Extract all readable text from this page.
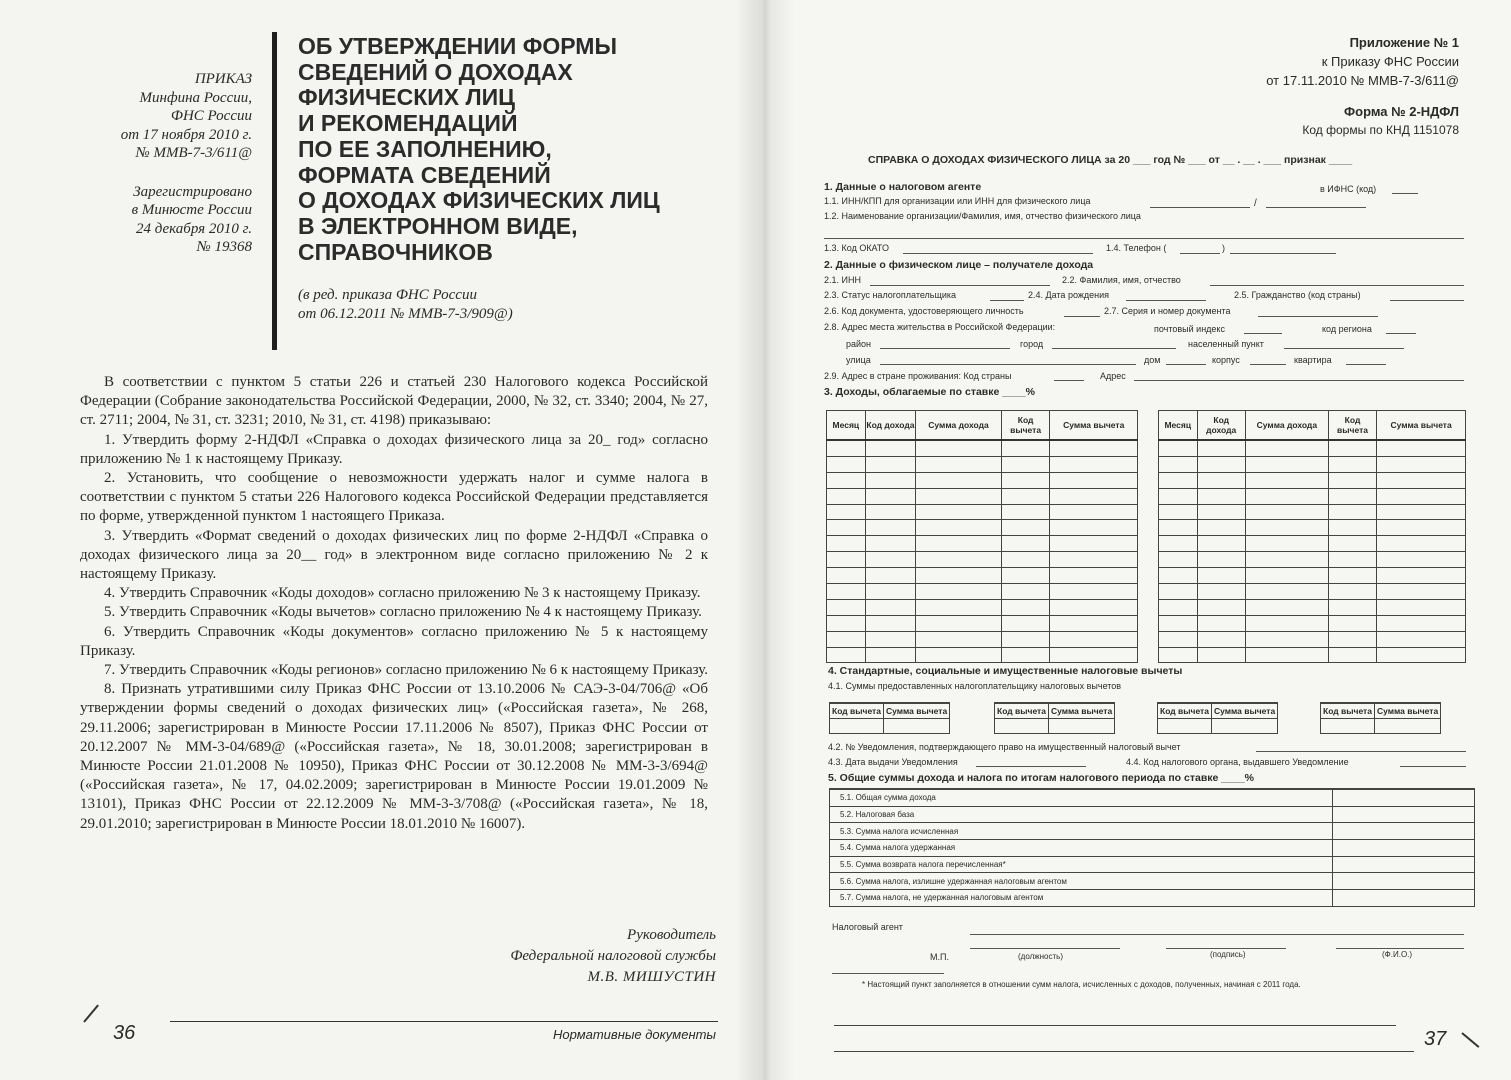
ПРИКАЗ
Минфина России,
ФНС России
от 17 ноября 2010 г.
№ ММВ-7-3/611@
Зарегистрировано
в Минюсте России
24 декабря 2010 г.
№ 19368
ОБ УТВЕРЖДЕНИИ ФОРМЫ
СВЕДЕНИЙ О ДОХОДАХ
ФИЗИЧЕСКИХ ЛИЦ
И РЕКОМЕНДАЦИЙ
ПО ЕЕ ЗАПОЛНЕНИЮ,
ФОРМАТА СВЕДЕНИЙ
О ДОХОДАХ ФИЗИЧЕСКИХ ЛИЦ
В ЭЛЕКТРОННОМ ВИДЕ,
СПРАВОЧНИКОВ
(в ред. приказа ФНС России
от 06.12.2011 № ММВ-7-3/909@)

В соответствии с пунктом 5 статьи 226 и статьей 230 Налогового кодекса Российской Федерации (Собрание законодательства Российской Федерации, 2000, № 32, ст. 3340; 2004, № 27, ст. 2711; 2004, № 31, ст. 3231; 2010, № 31, ст. 4198) приказываю:

1. Утвердить форму 2-НДФЛ «Справка о доходах физического лица за 20_ год» согласно приложению № 1 к настоящему Приказу.

2. Установить, что сообщение о невозможности удержать налог и сумме налога в соответствии с пунктом 5 статьи 226 Налогового кодекса Российской Федерации представляется по форме, утвержденной пунктом 1 настоящего Приказа.

3. Утвердить «Формат сведений о доходах физических лиц по форме 2-НДФЛ «Справка о доходах физического лица за 20__ год» в электронном виде согласно приложению № 2 к настоящему Приказу.

4. Утвердить Справочник «Коды доходов» согласно приложению № 3 к настоящему Приказу.

5. Утвердить Справочник «Коды вычетов» согласно приложению № 4 к настоящему Приказу.

6. Утвердить Справочник «Коды документов» согласно приложению № 5 к настоящему Приказу.

7. Утвердить Справочник «Коды регионов» согласно приложению № 6 к настоящему Приказу.

8. Признать утратившими силу Приказ ФНС России от 13.10.2006 № САЭ-3-04/706@ «Об утверждении формы сведений о доходах физических лиц» («Российская газета», № 268, 29.11.2006; зарегистрирован в Минюсте России 17.11.2006 № 8507), Приказ ФНС России от 20.12.2007 № ММ-3-04/689@ («Российская газета», № 18, 30.01.2008; зарегистрирован в Минюсте России 21.01.2008 № 10950), Приказ ФНС России от 30.12.2008 № ММ-3-3/694@ («Российская газета», № 17, 04.02.2009; зарегистрирован в Минюсте России 19.01.2009 № 13101), Приказ ФНС России от 22.12.2009 № ММ-3-3/708@ («Российская газета», № 18, 29.01.2010; зарегистрирован в Минюсте России 18.01.2010 № 16007).

Руководитель
Федеральной налоговой службы
М.В. МИШУСТИН
36	Нормативные документы
Приложение № 1
к Приказу ФНС России
от 17.11.2010 № ММВ-7-3/611@
Форма № 2-НДФЛ
Код формы по КНД 1151078
СПРАВКА О ДОХОДАХ ФИЗИЧЕСКОГО ЛИЦА за 20 ___ год № ___ от __ . __ . ___ признак ____
1. Данные о налоговом агенте	в ИФНС (код)
1.1. ИНН/КПП для организации или ИНН для физического лица	/
1.2. Наименование организации/Фамилия, имя, отчество физического лица
1.3. Код ОКАТО	1.4. Телефон (	)
2. Данные о физическом лице – получателе дохода
2.1. ИНН	2.2. Фамилия, имя, отчество
2.3. Статус налогоплательщика	2.4. Дата рождения	2.5. Гражданство (код страны)
2.6. Код документа, удостоверяющего личность	2.7. Серия и номер документа
2.8. Адрес места жительства в Российской Федерации:	почтовый индекс	код региона
район	город	населенный пункт
улица	дом	корпус	квартира
2.9. Адрес в стране проживания: Код страны	Адрес
3. Доходы, облагаемые по ставке ____%
Месяц	Код дохода	Сумма дохода	Код вычета	Сумма вычета

					Месяц	Код дохода	Сумма дохода	Код вычета	Сумма вычета

4. Стандартные, социальные и имущественные налоговые вычеты
4.1. Суммы предоставленных налогоплательщику налоговых вычетов
Код вычета	Сумма вычета
		Код вычета	Сумма вычета
		Код вычета	Сумма вычета
		Код вычета	Сумма вычета

4.2. № Уведомления, подтверждающего право на имущественный налоговый вычет
4.3. Дата выдачи Уведомления	4.4. Код налогового органа, выдавшего Уведомление
5. Общие суммы дохода и налога по итогам налогового периода по ставке ____%
5.1. Общая сумма дохода	
5.2. Налоговая база	
5.3. Сумма налога исчисленная	
5.4. Сумма налога удержанная	
5.5. Сумма возврата налога перечисленная*	
5.6. Сумма налога, излишне удержанная налоговым агентом	
5.7. Сумма налога, не удержанная налоговым агентом	
Налоговый агент
М.П.	(должность)	(подпись)	(Ф.И.О.)
* Настоящий пункт заполняется в отношении сумм налога, исчисленных с доходов, полученных, начиная с 2011 года.
37
